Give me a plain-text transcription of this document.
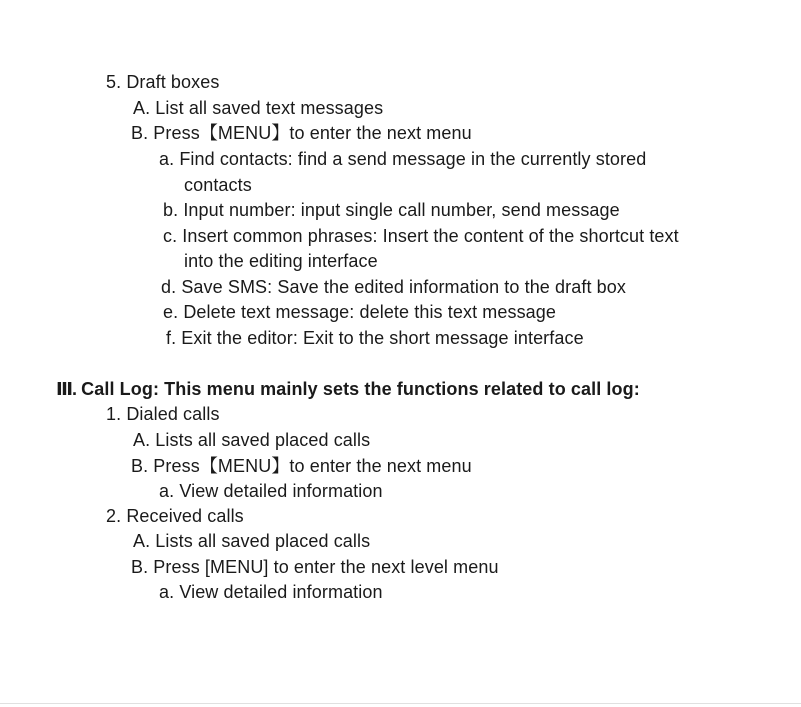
5. Draft boxes
A. List all saved text messages
B. Press【MENU】to enter the next menu
a. Find contacts: find a send message in the currently stored
contacts
b. Input number: input single call number, send message
c. Insert common phrases: Insert the content of the shortcut text
into the editing interface
d. Save SMS: Save the edited information to the draft box
e. Delete text message: delete this text message
f. Exit the editor: Exit to the short message interface
Ⅲ. Call Log: This menu mainly sets the functions related to call log:
1. Dialed calls
A. Lists all saved placed calls
B. Press【MENU】to enter the next menu
a. View detailed information
2. Received calls
A. Lists all saved placed calls
B. Press [MENU] to enter the next level menu
a. View detailed information
